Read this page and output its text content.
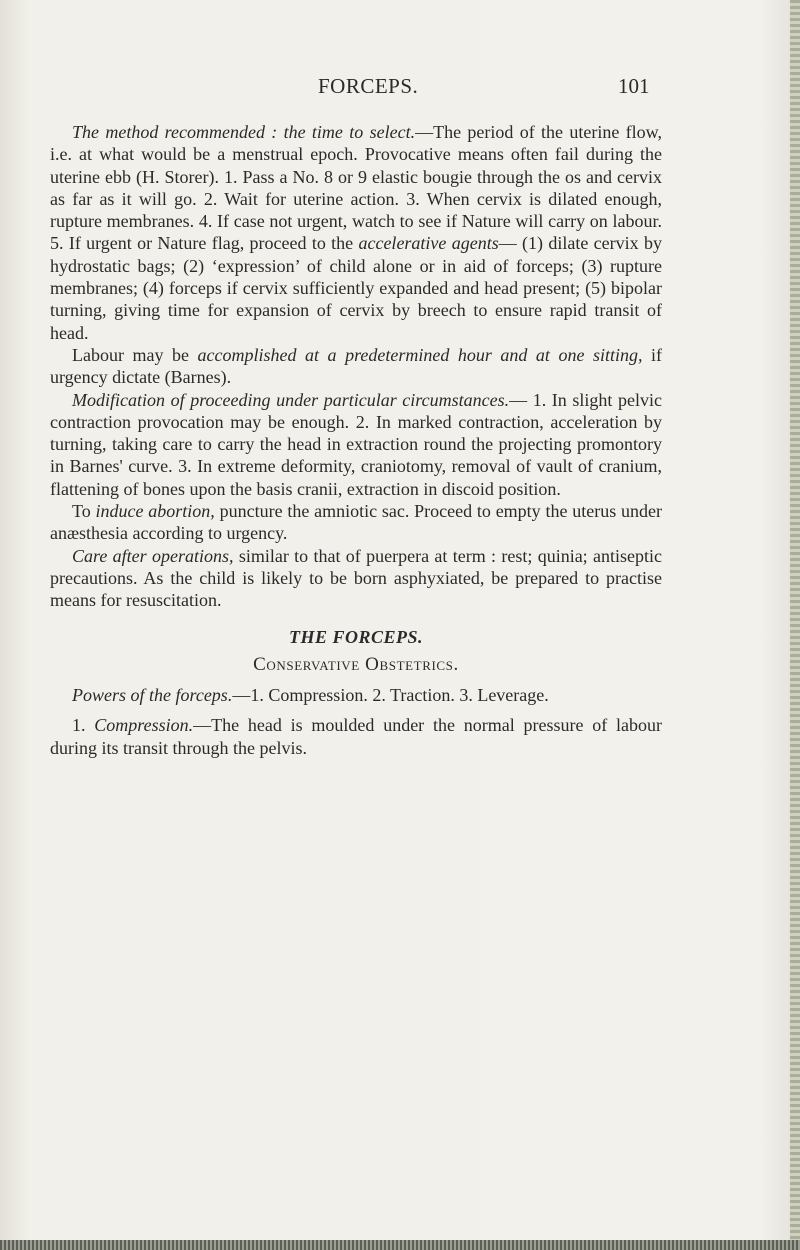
FORCEPS.	101

The method recommended : the time to select.—The period of the uterine flow, i.e. at what would be a menstrual epoch. Provocative means often fail during the uterine ebb (H. Storer). 1. Pass a No. 8 or 9 elastic bougie through the os and cervix as far as it will go. 2. Wait for uterine action. 3. When cervix is dilated enough, rupture membranes. 4. If case not urgent, watch to see if Nature will carry on labour. 5. If urgent or Nature flag, proceed to the accelerative agents— (1) dilate cervix by hydrostatic bags; (2) ‘expression’ of child alone or in aid of forceps; (3) rupture membranes; (4) forceps if cervix sufficiently expanded and head present; (5) bipolar turning, giving time for expansion of cervix by breech to ensure rapid transit of head.

Labour may be accomplished at a predetermined hour and at one sitting, if urgency dictate (Barnes).

Modification of proceeding under particular circumstances.— 1. In slight pelvic contraction provocation may be enough. 2. In marked contraction, acceleration by turning, taking care to carry the head in extraction round the projecting promontory in Barnes' curve. 3. In extreme deformity, craniotomy, removal of vault of cranium, flattening of bones upon the basis cranii, extraction in discoid position.

To induce abortion, puncture the amniotic sac. Proceed to empty the uterus under anæsthesia according to urgency.

Care after operations, similar to that of puerpera at term : rest; quinia; antiseptic precautions. As the child is likely to be born asphyxiated, be prepared to practise means for resuscitation.

THE FORCEPS.
Conservative Obstetrics.

Powers of the forceps.—1. Compression. 2. Traction. 3. Leverage.

1. Compression.—The head is moulded under the normal pressure of labour during its transit through the pelvis.
